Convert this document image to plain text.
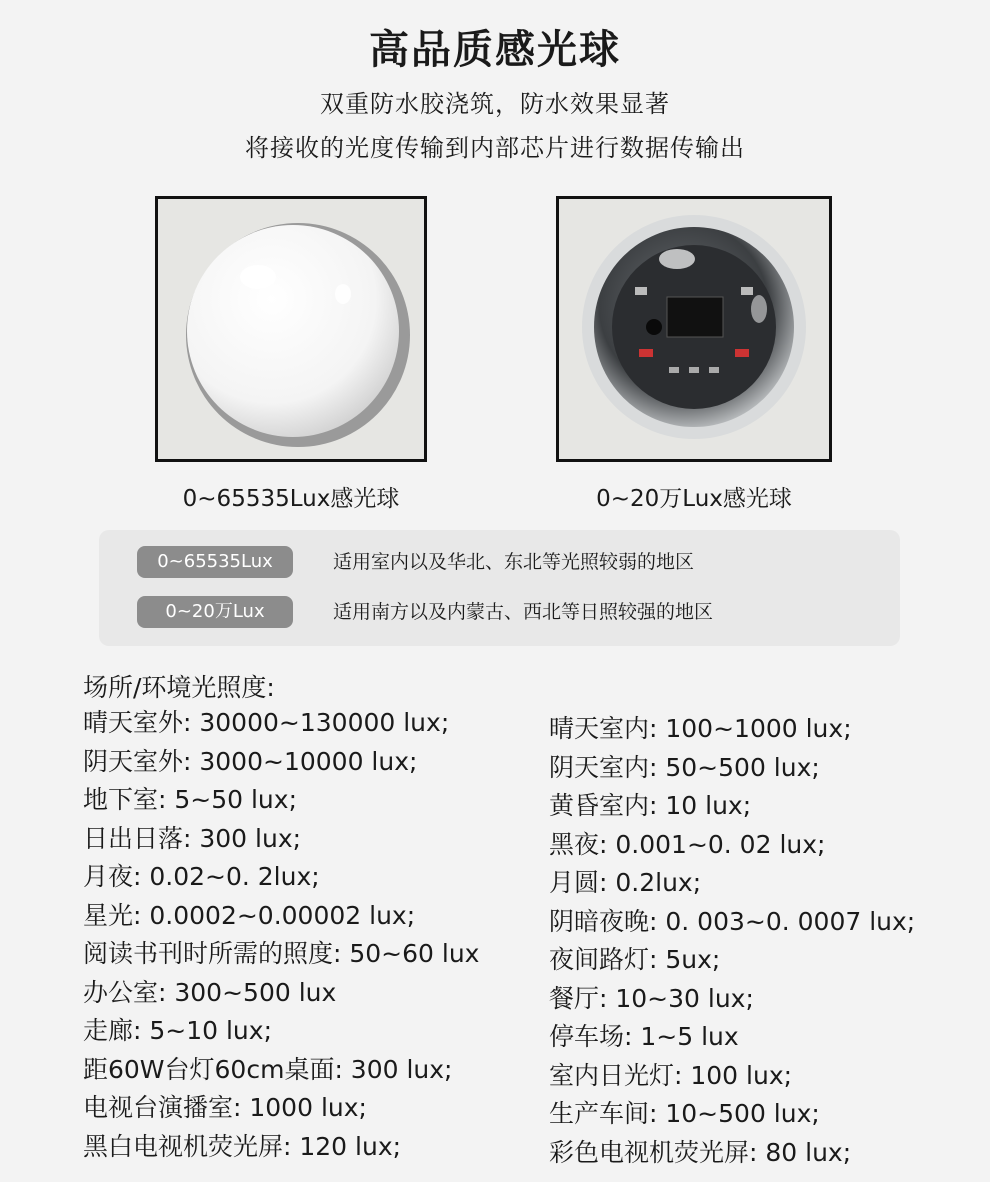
高品质感光球
双重防水胶浇筑，防水效果显著
将接收的光度传输到内部芯片进行数据传输出
0~65535Lux感光球	0~20万Lux感光球
0~65535Lux	适用室内以及华北、东北等光照较弱的地区
0~20万Lux	适用南方以及内蒙古、西北等日照较强的地区
场所/环境光照度:
晴天室外: 30000~130000 lux;
阴天室外: 3000~10000 lux;
地下室: 5~50 lux;
日出日落: 300 lux;
月夜: 0.02~0. 2lux;
星光: 0.0002~0.00002 lux;
阅读书刊时所需的照度: 50~60 lux
办公室: 300~500 lux
走廊: 5~10 lux;
距60W台灯60cm桌面: 300 lux;
电视台演播室: 1000 lux;
黑白电视机荧光屏: 120 lux;
晴天室内: 100~1000 lux;
阴天室内: 50~500 lux;
黄昏室内: 10 lux;
黑夜: 0.001~0. 02 lux;
月圆: 0.2lux;
阴暗夜晚: 0. 003~0. 0007 lux;
夜间路灯: 5ux;
餐厅: 10~30 lux;
停车场: 1~5 lux
室内日光灯: 100 lux;
生产车间: 10~500 lux;
彩色电视机荧光屏: 80 lux;
